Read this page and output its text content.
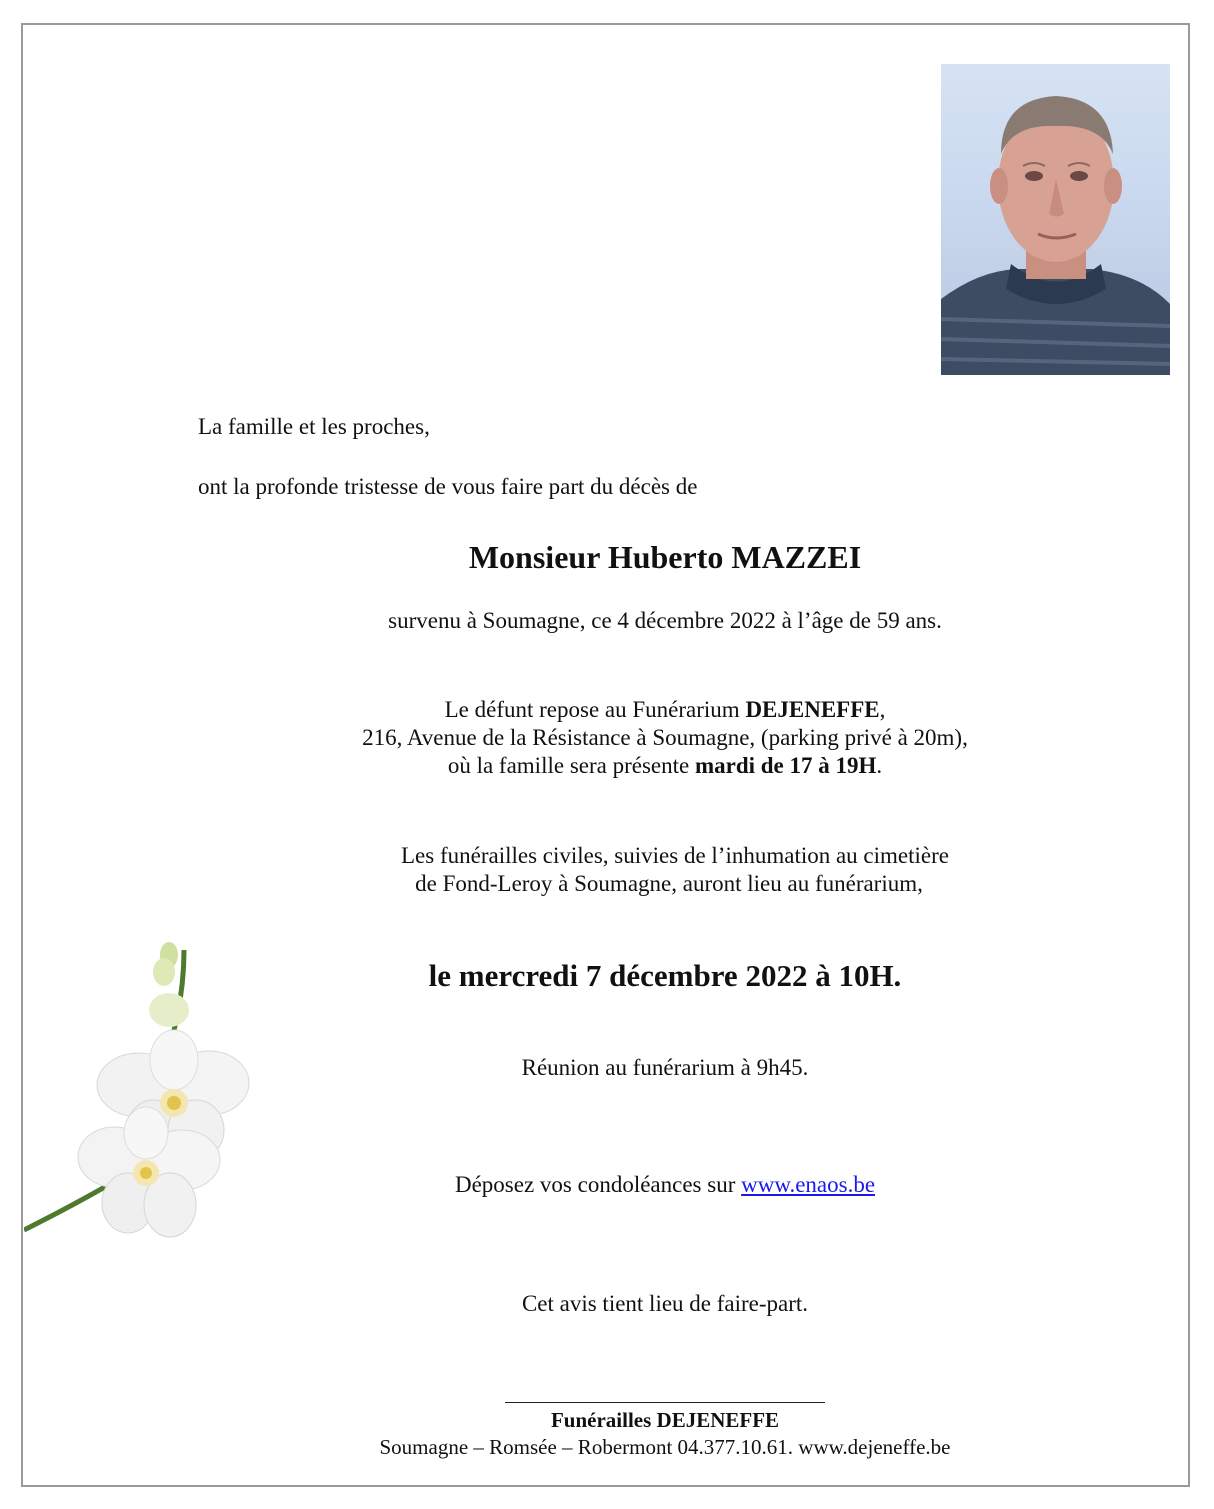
La famille et les proches,
ont la profonde tristesse de vous faire part du décès de
Monsieur Huberto MAZZEI
survenu à Soumagne, ce 4 décembre 2022 à l’âge de 59 ans.
Le défunt repose au Funérarium DEJENEFFE,
216, Avenue de la Résistance à Soumagne, (parking privé à 20m),
où la famille sera présente mardi de 17 à 19H.
Les funérailles civiles, suivies de l’inhumation au cimetière
de Fond-Leroy à Soumagne, auront lieu au funérarium,
le mercredi 7 décembre 2022 à 10H.
Réunion au funérarium à 9h45.
Déposez vos condoléances sur www.enaos.be
Cet avis tient lieu de faire-part.
Funérailles DEJENEFFE
Soumagne – Romsée – Robermont 04.377.10.61. www.dejeneffe.be
